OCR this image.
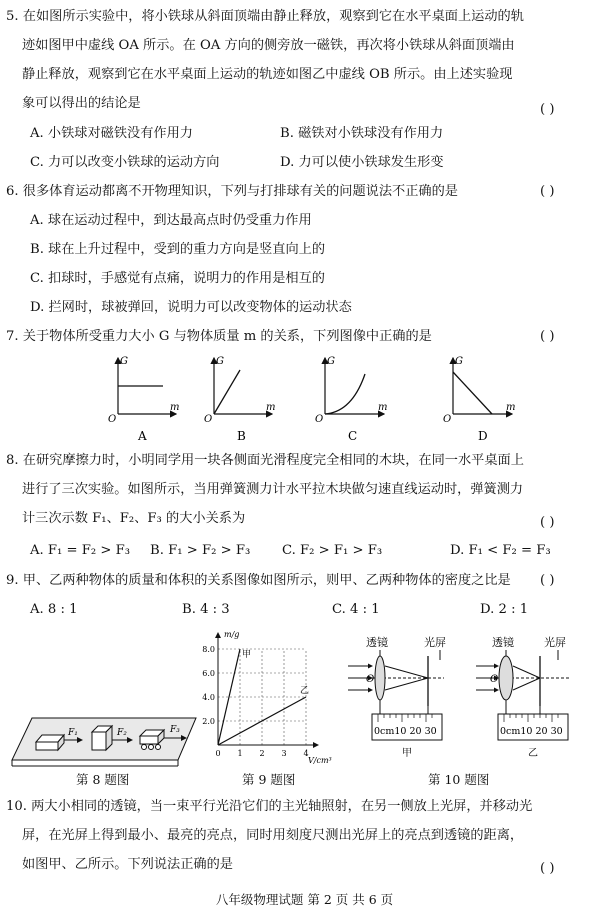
5. 在如图所示实验中，将小铁球从斜面顶端由静止释放，观察到它在水平桌面上运动的轨
迹如图甲中虚线 OA 所示。在 OA 方向的侧旁放一磁铁，再次将小铁球从斜面顶端由
静止释放，观察到它在水平桌面上运动的轨迹如图乙中虚线 OB 所示。由上述实验现
象可以得出的结论是	( )
A. 小铁球对磁铁没有作用力	B. 磁铁对小铁球没有作用力
C. 力可以改变小铁球的运动方向	D. 力可以使小铁球发生形变
6. 很多体育运动都离不开物理知识，下列与打排球有关的问题说法不正确的是	( )
A. 球在运动过程中，到达最高点时仍受重力作用
B. 球在上升过程中，受到的重力方向是竖直向上的
C. 扣球时，手感觉有点痛，说明力的作用是相互的
D. 拦网时，球被弹回，说明力可以改变物体的运动状态
7. 关于物体所受重力大小 G 与物体质量 m 的关系，下列图像中正确的是	( )
G
m
O
A
G
m
O
B
G
m
O
C
G
m
O
D
8. 在研究摩擦力时，小明同学用一块各侧面光滑程度完全相同的木块，在同一水平桌面上
进行了三次实验。如图所示，当用弹簧测力计水平拉木块做匀速直线运动时，弹簧测力
计三次示数 F₁、F₂、F₃ 的大小关系为	( )
A. F₁ = F₂ > F₃ B. F₁ > F₂ > F₃ C. F₂ > F₁ > F₃	D. F₁ < F₂ = F₃
9. 甲、乙两种物体的质量和体积的关系图像如图所示，则甲、乙两种物体的密度之比是 ( )
A. 8 : 1	B. 4 : 3	C. 4 : 1	D. 2 : 1
F₁	F₂	F₃
2.0
4.0
6.0
8.0
0 1 2 3 4
m/g
V/cm³
甲
乙
透镜	光屏
O
0cm10 20 30
甲
透镜	光屏
O
0cm10 20 30
乙
第 8 题图	第 9 题图	第 10 题图
10. 两大小相同的透镜，当一束平行光沿它们的主光轴照射，在另一侧放上光屏，并移动光
屏，在光屏上得到最小、最亮的亮点，同时用刻度尺测出光屏上的亮点到透镜的距离，
如图甲、乙所示。下列说法正确的是	( )
八年级物理试题 第 2 页 共 6 页
